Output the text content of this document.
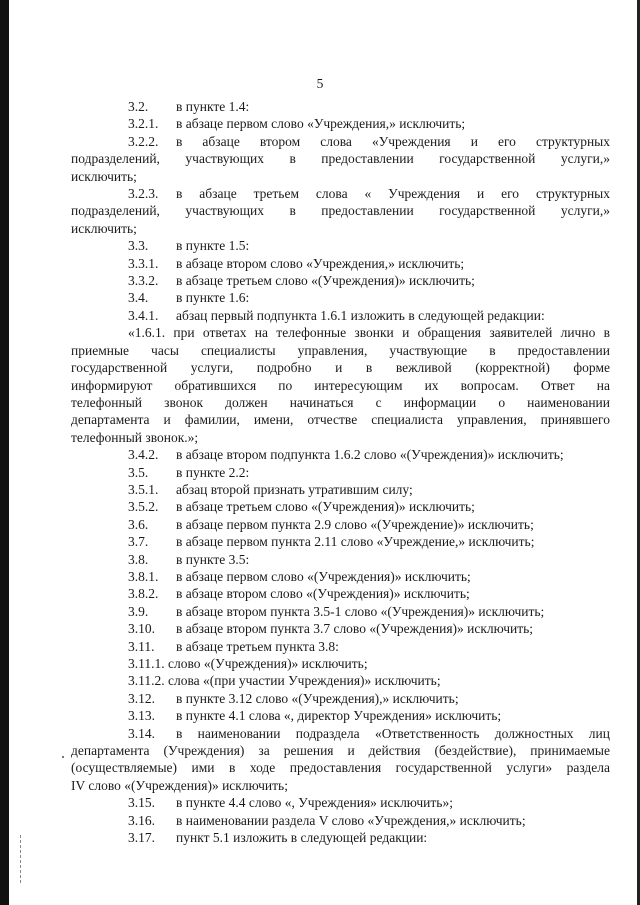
5

3.2. в пункте 1.4:

3.2.1. в абзаце первом слово «Учреждения,» исключить;

3.2.2. в абзаце втором слова «Учреждения и его структурных

подразделений, участвующих в предоставлении государственной услуги,»

исключить;

3.2.3. в абзаце третьем слова « Учреждения и его структурных

подразделений, участвующих в предоставлении государственной услуги,»

исключить;

3.3. в пункте 1.5:

3.3.1. в абзаце втором слово «Учреждения,» исключить;

3.3.2. в абзаце третьем слово «(Учреждения)» исключить;

3.4. в пункте 1.6:

3.4.1. абзац первый подпункта 1.6.1 изложить в следующей редакции:

«1.6.1. при ответах на телефонные звонки и обращения заявителей лично в

приемные часы специалисты управления, участвующие в предоставлении

государственной услуги, подробно и в вежливой (корректной) форме

информируют обратившихся по интересующим их вопросам. Ответ на

телефонный звонок должен начинаться с информации о наименовании

департамента и фамилии, имени, отчестве специалиста управления, принявшего

телефонный звонок.»;

3.4.2. в абзаце втором подпункта 1.6.2 слово «(Учреждения)» исключить;

3.5. в пункте 2.2:

3.5.1. абзац второй признать утратившим силу;

3.5.2. в абзаце третьем слово «(Учреждения)» исключить;

3.6. в абзаце первом пункта 2.9 слово «(Учреждение)» исключить;

3.7. в абзаце первом пункта 2.11 слово «Учреждение,» исключить;

3.8. в пункте 3.5:

3.8.1. в абзаце первом слово «(Учреждения)» исключить;

3.8.2. в абзаце втором слово «(Учреждения)» исключить;

3.9. в абзаце втором пункта 3.5-1 слово «(Учреждения)» исключить;

3.10. в абзаце втором пункта 3.7 слово «(Учреждения)» исключить;

3.11. в абзаце третьем пункта 3.8:

3.11.1. слово «(Учреждения)» исключить;

3.11.2. слова «(при участии Учреждения)» исключить;

3.12. в пункте 3.12 слово «(Учреждения),» исключить;

3.13. в пункте 4.1 слова «, директор Учреждения» исключить;

3.14. в наименовании подраздела «Ответственность должностных лиц

департамента (Учреждения) за решения и действия (бездействие), принимаемые

(осуществляемые) ими в ходе предоставления государственной услуги» раздела

IV слово «(Учреждения)» исключить;

3.15. в пункте 4.4 слово «, Учреждения» исключить»;

3.16. в наименовании раздела V слово «Учреждения,» исключить;

3.17. пункт 5.1 изложить в следующей редакции:
